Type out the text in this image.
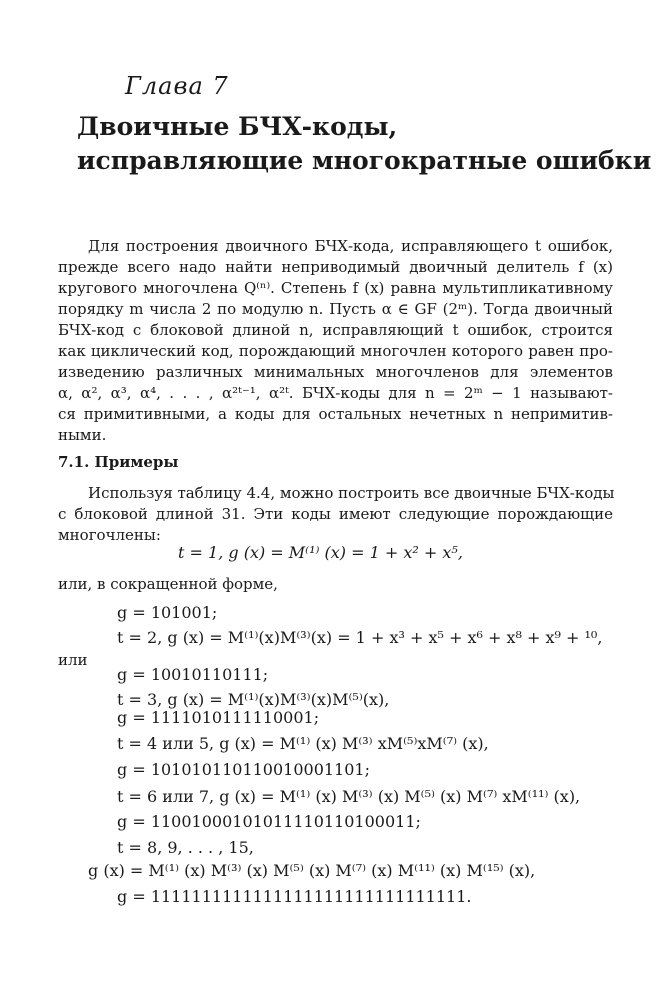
Глава 7
Двоичные БЧХ-коды,
исправляющие многократные ошибки
Для построения двоичного БЧХ-кода, исправляющего t ошибок,
прежде всего надо найти неприводимый двоичный делитель f (x)
кругового многочлена Q⁽ⁿ⁾. Степень f (x) равна мультипликативному
порядку m числа 2 по модулю n. Пусть α ∈ GF (2ᵐ). Тогда двоичный
БЧХ-код с блоковой длиной n, исправляющий t ошибок, строится
как циклический код, порождающий многочлен которого равен про-
изведению различных минимальных многочленов для элементов
α, α², α³, α⁴, . . . , α²ᵗ⁻¹, α²ᵗ. БЧХ-коды для n = 2ᵐ − 1 называют-
ся примитивными, а коды для остальных нечетных n непримитив-
ными.
7.1. Примеры
Используя таблицу 4.4, можно построить все двоичные БЧХ-коды
с блоковой длиной 31. Эти коды имеют следующие порождающие
многочлены:
t = 1, g (x) = M⁽¹⁾ (x) = 1 + x² + x⁵,
или, в сокращенной форме,
g = 101001;
t = 2, g (x) = M⁽¹⁾(x)M⁽³⁾(x) = 1 + x³ + x⁵ + x⁶ + x⁸ + x⁹ + ¹⁰,
или
g = 10010110111;
t = 3, g (x) = M⁽¹⁾(x)M⁽³⁾(x)M⁽⁵⁾(x),
g = 1111010111110001;
t = 4 или 5, g (x) = M⁽¹⁾ (x) M⁽³⁾ xM⁽⁵⁾xM⁽⁷⁾ (x),
g = 101010110110010001101;
t = 6 или 7, g (x) = M⁽¹⁾ (x) M⁽³⁾ (x) M⁽⁵⁾ (x) M⁽⁷⁾ xM⁽¹¹⁾ (x),
g = 11001000101011110110100011;
t = 8, 9, . . . , 15,
g (x) = M⁽¹⁾ (x) M⁽³⁾ (x) M⁽⁵⁾ (x) M⁽⁷⁾ (x) M⁽¹¹⁾ (x) M⁽¹⁵⁾ (x),
g = 1111111111111111111111111111111.
